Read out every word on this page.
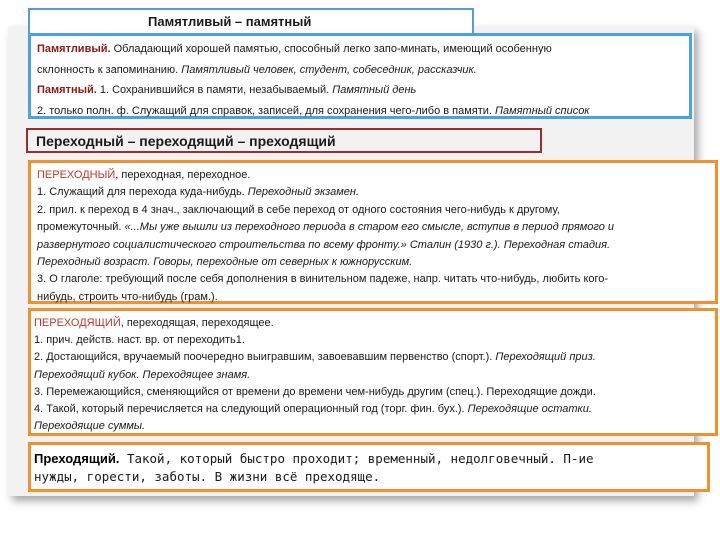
Памятливый – памятный
Памятливый. Обладающий хорошей памятью, способный легко запо-минать, имеющий особенную
склонность к запоминанию. Памятливый человек, студент, собеседник, рассказчик.
Памятный. 1. Сохранившийся в памяти, незабываемый. Памятный день
2. только полн. ф. Служащий для справок, записей, для сохранения чего-либо в памяти. Памятный список
Переходный – переходящий – преходящий
ПЕРЕХОДНЫЙ, переходная, переходное.
1. Служащий для перехода куда-нибудь. Переходный экзамен.
2. прил. к переход в 4 знач., заключающий в себе переход от одного состояния чего-нибудь к другому,
промежуточный. «...Мы уже вышли из переходного периода в старом его смысле, вступив в период прямого и
развернутого социалистического строительства по всему фронту.» Сталин (1930 г.). Переходная стадия.
Переходный возраст. Говоры, переходные от северных к южнорусским.
3. О глаголе: требующий после себя дополнения в винительном падеже, напр. читать что-нибудь, любить кого-
нибудь, строить что-нибудь (грам.).
ПЕРЕХОДЯЩИЙ, переходящая, переходящее.
1. прич. действ. наст. вр. от переходить1.
2. Достающийся, вручаемый поочередно выигравшим, завоевавшим первенство (спорт.). Переходящий приз.
Переходящий кубок. Переходящее знамя.
3. Перемежающийся, сменяющийся от времени до времени чем-нибудь другим (спец.). Переходящие дожди.
4. Такой, который перечисляется на следующий операционный год (торг. фин. бух.). Переходящие остатки.
Переходящие суммы.
Преходящий. Такой, который быстро проходит; временный, недолговечный. П-ие
нужды, горести, заботы. В жизни всё преходяще.
